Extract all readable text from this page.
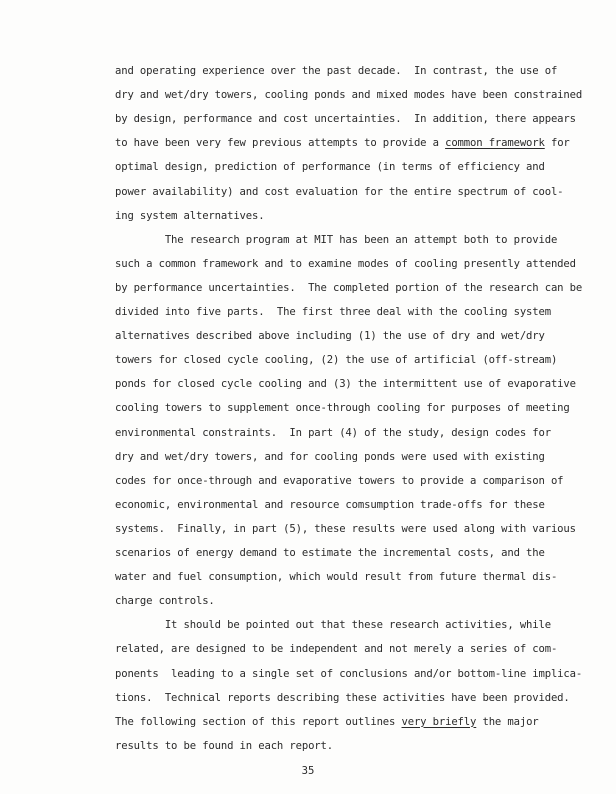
and operating experience over the past decade.  In contrast, the use of
dry and wet/dry towers, cooling ponds and mixed modes have been constrained
by design, performance and cost uncertainties.  In addition, there appears
to have been very few previous attempts to provide a common framework for
optimal design, prediction of performance (in terms of efficiency and
power availability) and cost evaluation for the entire spectrum of cool-
ing system alternatives.
The research program at MIT has been an attempt both to provide
such a common framework and to examine modes of cooling presently attended
by performance uncertainties.  The completed portion of the research can be
divided into five parts.  The first three deal with the cooling system
alternatives described above including (1) the use of dry and wet/dry
towers for closed cycle cooling, (2) the use of artificial (off-stream)
ponds for closed cycle cooling and (3) the intermittent use of evaporative
cooling towers to supplement once-through cooling for purposes of meeting
environmental constraints.  In part (4) of the study, design codes for
dry and wet/dry towers, and for cooling ponds were used with existing
codes for once-through and evaporative towers to provide a comparison of
economic, environmental and resource comsumption trade-offs for these
systems.  Finally, in part (5), these results were used along with various
scenarios of energy demand to estimate the incremental costs, and the
water and fuel consumption, which would result from future thermal dis-
charge controls.
It should be pointed out that these research activities, while
related, are designed to be independent and not merely a series of com-
ponents  leading to a single set of conclusions and/or bottom-line implica-
tions.  Technical reports describing these activities have been provided.
The following section of this report outlines very briefly the major
results to be found in each report.
35
